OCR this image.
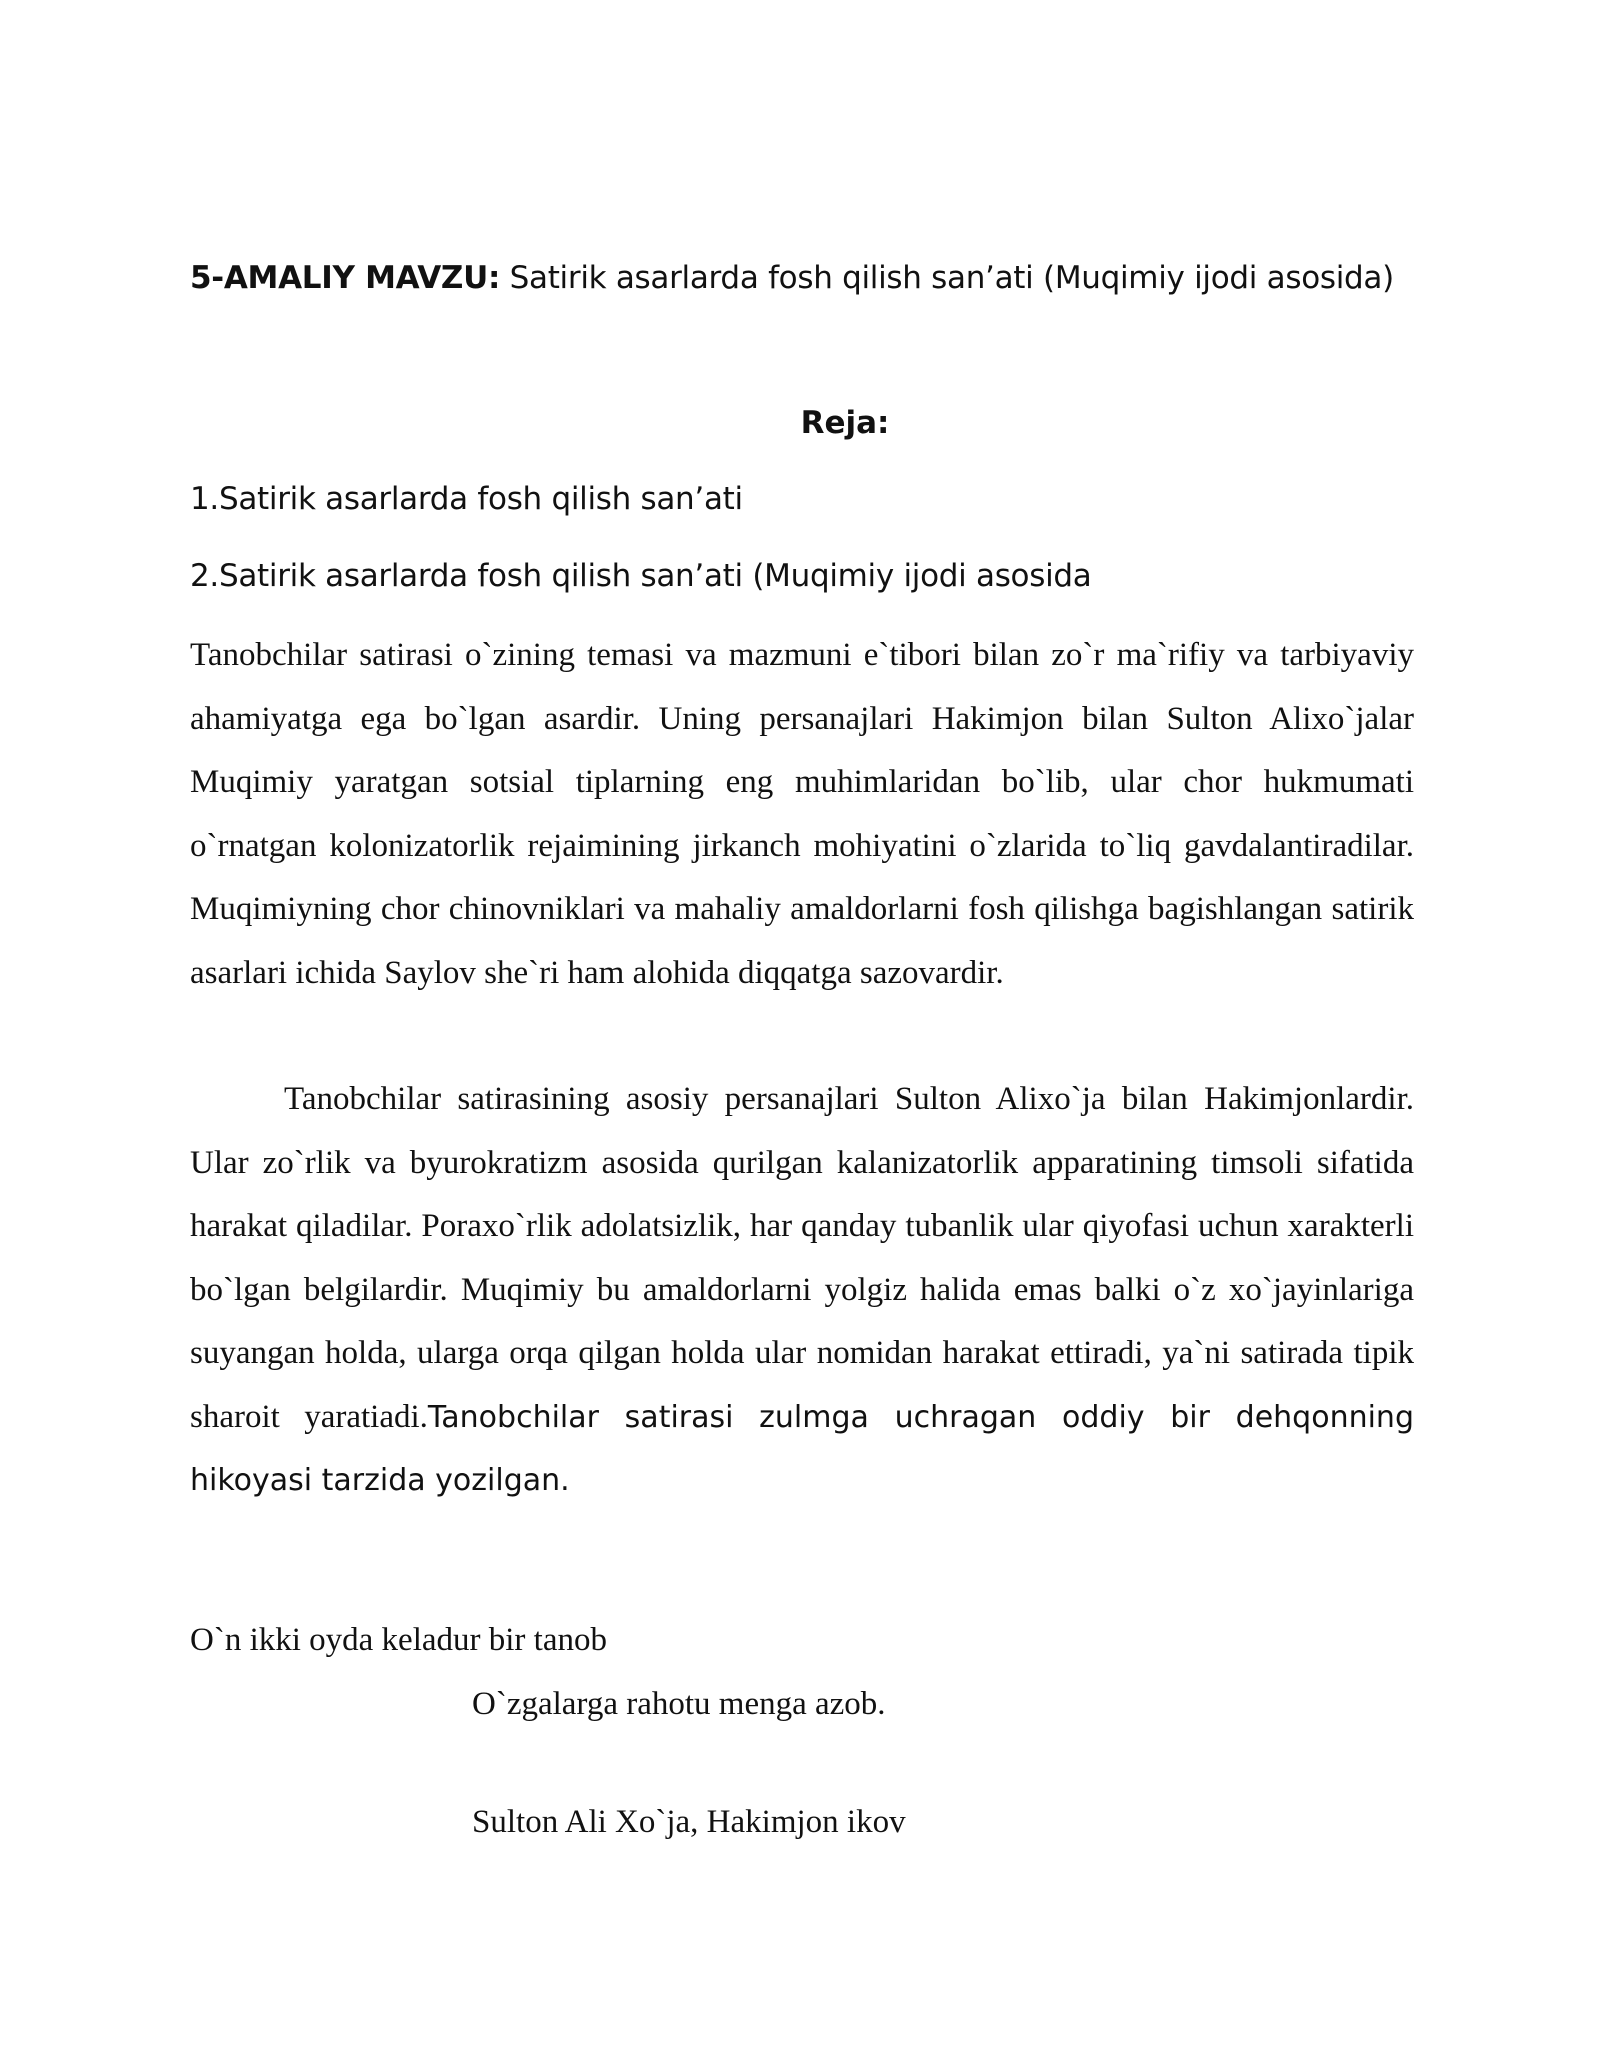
5-AMALIY MAVZU: Satirik asarlarda fosh qilish san’ati (Muqimiy ijodi asosida)
Reja:
1.Satirik asarlarda fosh qilish san’ati
2.Satirik asarlarda fosh qilish san’ati (Muqimiy ijodi asosida
Tanobchilar satirasi o`zining temasi va mazmuni e`tibori bilan zo`r ma`rifiy va tarbiyaviy ahamiyatga ega bo`lgan asardir. Uning persanajlari Hakimjon bilan Sulton Alixo`jalar Muqimiy yaratgan sotsial tiplarning eng muhimlaridan bo`lib, ular chor hukmumati o`rnatgan kolonizatorlik rejaimining jirkanch mohiyatini o`zlarida to`liq gavdalantiradilar. Muqimiyning chor chinovniklari va mahaliy amaldorlarni fosh qilishga bagishlangan satirik asarlari ichida Saylov she`ri ham alohida diqqatga sazovardir.
Tanobchilar satirasining asosiy persanajlari Sulton Alixo`ja bilan Hakimjonlardir. Ular zo`rlik va byurokratizm asosida qurilgan kalanizatorlik apparatining timsoli sifatida harakat qiladilar. Poraxo`rlik adolatsizlik, har qanday tubanlik ular qiyofasi uchun xarakterli bo`lgan belgilardir. Muqimiy bu amaldorlarni yolgiz halida emas balki o`z xo`jayinlariga suyangan holda, ularga orqa qilgan holda ular nomidan harakat ettiradi, ya`ni satirada tipik sharoit yaratiadi.Tanobchilar satirasi zulmga uchragan oddiy bir dehqonning hikoyasi tarzida yozilgan.
O`n ikki oyda keladur bir tanob
O`zgalarga rahotu menga azob.
Sulton Ali Xo`ja, Hakimjon ikov
